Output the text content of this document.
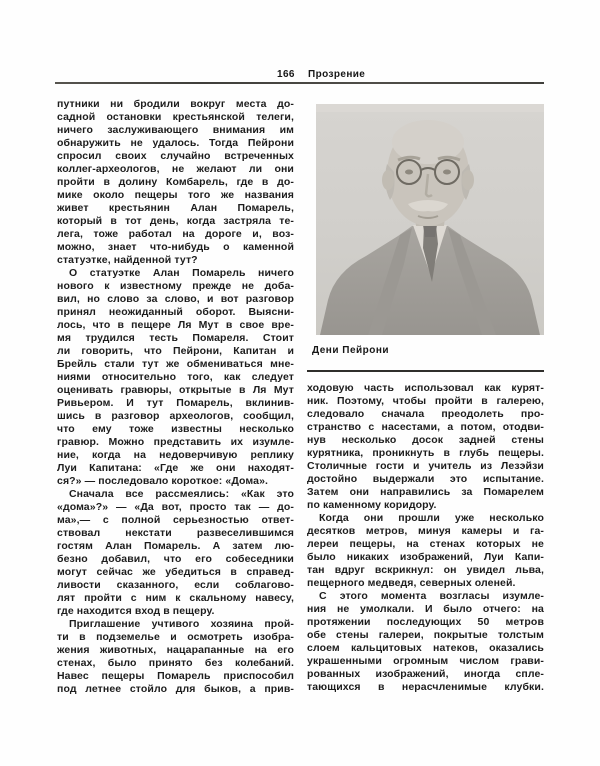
166 Прозрение
путники ни бродили вокруг места до-
садной остановки крестьянской телеги,
ничего заслуживающего внимания им
обнаружить не удалось. Тогда Пейрони
спросил своих случайно встреченных
коллег-археологов, не желают ли они
пройти в долину Комбарель, где в до-
мике около пещеры того же названия
живет крестьянин Алан Помарель,
который в тот день, когда застряла те-
лега, тоже работал на дороге и, воз-
можно, знает что-нибудь о каменной
статуэтке, найденной тут?
О статуэтке Алан Помарель ничего
нового к известному прежде не доба-
вил, но слово за слово, и вот разговор
принял неожиданный оборот. Выясни-
лось, что в пещере Ля Мут в свое вре-
мя трудился тесть Помареля. Стоит
ли говорить, что Пейрони, Капитан и
Брейль стали тут же обмениваться мне-
ниями относительно того, как следует
оценивать гравюры, открытые в Ля Мут
Ривьером. И тут Помарель, вклинив-
шись в разговор археологов, сообщил,
что ему тоже известны несколько
гравюр. Можно представить их изумле-
ние, когда на недоверчивую реплику
Луи Капитана: «Где же они находят-
ся?» — последовало короткое: «Дома».
Сначала все рассмеялись: «Как это
«дома»?» — «Да вот, просто так — до-
ма»,— с полной серьезностью ответ-
ствовал некстати развеселившимся
гостям Алан Помарель. А затем лю-
безно добавил, что его собеседники
могут сейчас же убедиться в справед-
ливости сказанного, если соблагово-
лят пройти с ним к скальному навесу,
где находится вход в пещеру.
Приглашение учтивого хозяина прой-
ти в подземелье и осмотреть изобра-
жения животных, нацарапанные на его
стенах, было принято без колебаний.
Навес пещеры Помарель приспособил
под летнее стойло для быков, а прив-
Дени Пейрони
ходовую часть использовал как курят-
ник. Поэтому, чтобы пройти в галерею,
следовало сначала преодолеть про-
странство с насестами, а потом, отодви-
нув несколько досок задней стены
курятника, проникнуть в глубь пещеры.
Столичные гости и учитель из Лезэйзи
достойно выдержали это испытание.
Затем они направились за Помарелем
по каменному коридору.
Когда они прошли уже несколько
десятков метров, минуя камеры и га-
лереи пещеры, на стенах которых не
было никаких изображений, Луи Капи-
тан вдруг вскрикнул: он увидел льва,
пещерного медведя, северных оленей.
С этого момента возгласы изумле-
ния не умолкали. И было отчего: на
протяжении последующих 50 метров
обе стены галереи, покрытые толстым
слоем кальцитовых натеков, оказались
украшенными огромным числом грави-
рованных изображений, иногда спле-
тающихся в нерасчленимые клубки.
